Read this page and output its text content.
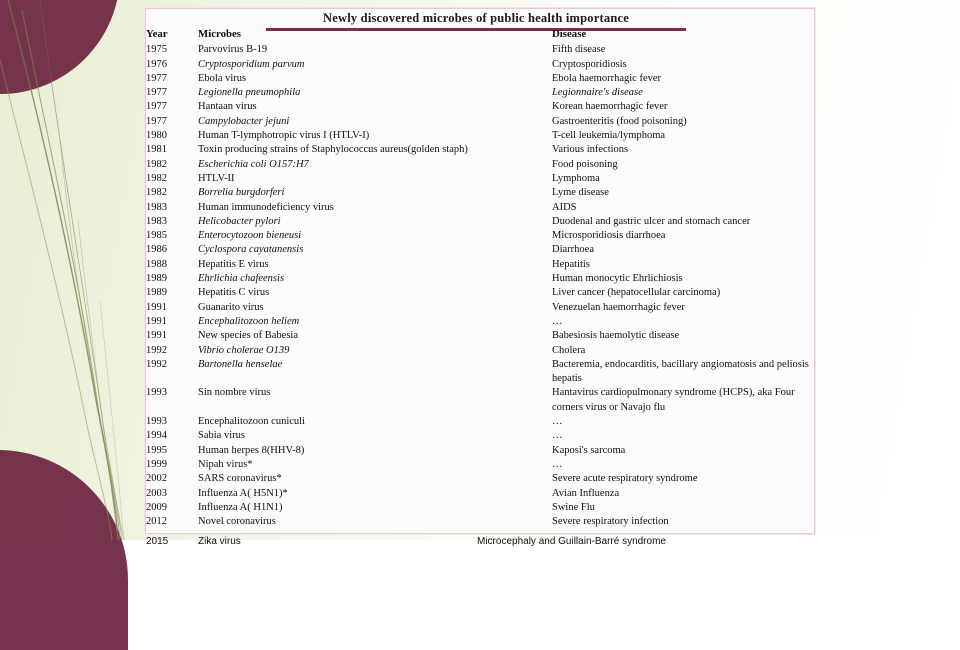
Newly discovered microbes of public health importance
Year	Microbes	Disease
1975	Parvovirus B-19	Fifth disease
1976	Cryptosporidium parvum	Cryptosporidiosis
1977	Ebola virus	Ebola haemorrhagic fever
1977	Legionella pneumophila	Legionnaire's disease
1977	Hantaan virus	Korean haemorrhagic fever
1977	Campylobacter jejuni	Gastroenteritis (food poisoning)
1980	Human T-lymphotropic virus I (HTLV-I)	T-cell leukemia/lymphoma
1981	Toxin producing strains of Staphylococcus aureus(golden staph)	Various infections
1982	Escherichia coli O157:H7	Food poisoning
1982	HTLV-II	Lymphoma
1982	Borrelia burgdorferi	Lyme disease
1983	Human immunodeficiency virus	AIDS
1983	Helicobacter pylori	Duodenal and gastric ulcer and stomach cancer
1985	Enterocytozoon bieneusi	Microsporidiosis diarrhoea
1986	Cyclospora cayatanensis	Diarrhoea
1988	Hepatitis E virus	Hepatitis
1989	Ehrlichia chafeensis	Human monocytic Ehrlichiosis
1989	Hepatitis C virus	Liver cancer (hepatocellular carcinoma)
1991	Guanarito virus	Venezuelan haemorrhagic fever
1991	Encephalitozoon heliem	…
1991	New species of Babesia	Babesiosis haemolytic disease
1992	Vibrio cholerae O139	Cholera
1992	Bartonella henselae	Bacteremia, endocarditis, bacillary angiomatosis and peliosis hepatis
1993	Sin nombre virus	Hantavirus cardiopulmonary syndrome (HCPS), aka Four corners virus or Navajo flu
1993	Encephalitozoon cuniculi	…
1994	Sabia virus	…
1995	Human herpes 8(HHV-8)	Kaposi's sarcoma
1999	Nipah virus*	…
2002	SARS coronavirus*	Severe acute respiratory syndrome
2003	Influenza A( H5N1)*	Avian Influenza
2009	Influenza A( H1N1)	Swine Flu
2012	Novel coronavirus	Severe respiratory infection
2015	Zika virus	Microcephaly and Guillain-Barré syndrome
